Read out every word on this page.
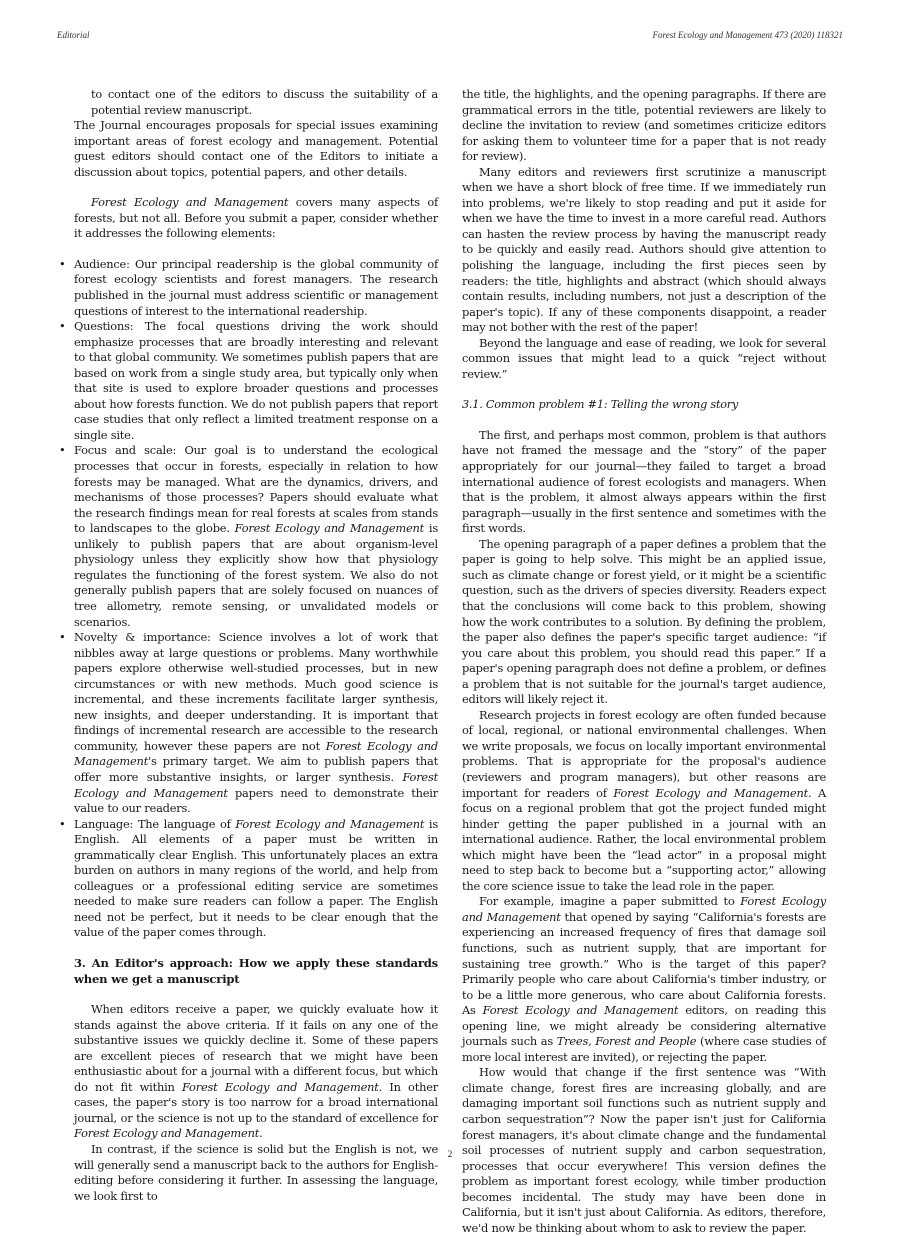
Editorial	Forest Ecology and Management 473 (2020) 118321

to contact one of the editors to discuss the suitability of a potential review manuscript.

The Journal encourages proposals for special issues examining important areas of forest ecology and management. Potential guest editors should contact one of the Editors to initiate a discussion about topics, potential papers, and other details.

Forest Ecology and Management covers many aspects of forests, but not all. Before you submit a paper, consider whether it addresses the following elements:

• Audience: Our principal readership is the global community of forest ecology scientists and forest managers. The research published in the journal must address scientific or management questions of interest to the international readership.
• Questions: The focal questions driving the work should emphasize processes that are broadly interesting and relevant to that global community. We sometimes publish papers that are based on work from a single study area, but typically only when that site is used to explore broader questions and processes about how forests function. We do not publish papers that report case studies that only reflect a limited treatment response on a single site.
• Focus and scale: Our goal is to understand the ecological processes that occur in forests, especially in relation to how forests may be managed. What are the dynamics, drivers, and mechanisms of those processes? Papers should evaluate what the research findings mean for real forests at scales from stands to landscapes to the globe. Forest Ecology and Management is unlikely to publish papers that are about organism-level physiology unless they explicitly show how that physiology regulates the functioning of the forest system. We also do not generally publish papers that are solely focused on nuances of tree allometry, remote sensing, or unvalidated models or scenarios.
• Novelty & importance: Science involves a lot of work that nibbles away at large questions or problems. Many worthwhile papers explore otherwise well-studied processes, but in new circumstances or with new methods. Much good science is incremental, and these increments facilitate larger synthesis, new insights, and deeper understanding. It is important that findings of incremental research are accessible to the research community, however these papers are not Forest Ecology and Management's primary target. We aim to publish papers that offer more substantive insights, or larger synthesis. Forest Ecology and Management papers need to demonstrate their value to our readers.
• Language: The language of Forest Ecology and Management is English. All elements of a paper must be written in grammatically clear English. This unfortunately places an extra burden on authors in many regions of the world, and help from colleagues or a professional editing service are sometimes needed to make sure readers can follow a paper. The English need not be perfect, but it needs to be clear enough that the value of the paper comes through.

3. An Editor's approach: How we apply these standards when we get a manuscript

When editors receive a paper, we quickly evaluate how it stands against the above criteria. If it fails on any one of the substantive issues we quickly decline it. Some of these papers are excellent pieces of research that we might have been enthusiastic about for a journal with a different focus, but which do not fit within Forest Ecology and Management. In other cases, the paper's story is too narrow for a broad international journal, or the science is not up to the standard of excellence for Forest Ecology and Management.

In contrast, if the science is solid but the English is not, we will generally send a manuscript back to the authors for English-editing before considering it further. In assessing the language, we look first to

the title, the highlights, and the opening paragraphs. If there are grammatical errors in the title, potential reviewers are likely to decline the invitation to review (and sometimes criticize editors for asking them to volunteer time for a paper that is not ready for review).

Many editors and reviewers first scrutinize a manuscript when we have a short block of free time. If we immediately run into problems, we're likely to stop reading and put it aside for when we have the time to invest in a more careful read. Authors can hasten the review process by having the manuscript ready to be quickly and easily read. Authors should give attention to polishing the language, including the first pieces seen by readers: the title, highlights and abstract (which should always contain results, including numbers, not just a description of the paper's topic). If any of these components disappoint, a reader may not bother with the rest of the paper!

Beyond the language and ease of reading, we look for several common issues that might lead to a quick “reject without review.”

3.1. Common problem #1: Telling the wrong story

The first, and perhaps most common, problem is that authors have not framed the message and the “story” of the paper appropriately for our journal—they failed to target a broad international audience of forest ecologists and managers. When that is the problem, it almost always appears within the first paragraph—usually in the first sentence and sometimes with the first words.

The opening paragraph of a paper defines a problem that the paper is going to help solve. This might be an applied issue, such as climate change or forest yield, or it might be a scientific question, such as the drivers of species diversity. Readers expect that the conclusions will come back to this problem, showing how the work contributes to a solution. By defining the problem, the paper also defines the paper's specific target audience: “if you care about this problem, you should read this paper.” If a paper's opening paragraph does not define a problem, or defines a problem that is not suitable for the journal's target audience, editors will likely reject it.

Research projects in forest ecology are often funded because of local, regional, or national environmental challenges. When we write proposals, we focus on locally important environmental problems. That is appropriate for the proposal's audience (reviewers and program managers), but other reasons are important for readers of Forest Ecology and Management. A focus on a regional problem that got the project funded might hinder getting the paper published in a journal with an international audience. Rather, the local environmental problem which might have been the “lead actor” in a proposal might need to step back to become but a “supporting actor,” allowing the core science issue to take the lead role in the paper.

For example, imagine a paper submitted to Forest Ecology and Management that opened by saying “California's forests are experiencing an increased frequency of fires that damage soil functions, such as nutrient supply, that are important for sustaining tree growth.” Who is the target of this paper? Primarily people who care about California's timber industry, or to be a little more generous, who care about California forests. As Forest Ecology and Management editors, on reading this opening line, we might already be considering alternative journals such as Trees, Forest and People (where case studies of more local interest are invited), or rejecting the paper.

How would that change if the first sentence was “With climate change, forest fires are increasing globally, and are damaging important soil functions such as nutrient supply and carbon sequestration”? Now the paper isn't just for California forest managers, it's about climate change and the fundamental soil processes of nutrient supply and carbon sequestration, processes that occur everywhere! This version defines the problem as important forest ecology, while timber production becomes incidental. The study may have been done in California, but it isn't just about California. As editors, therefore, we'd now be thinking about whom to ask to review the paper.

2
